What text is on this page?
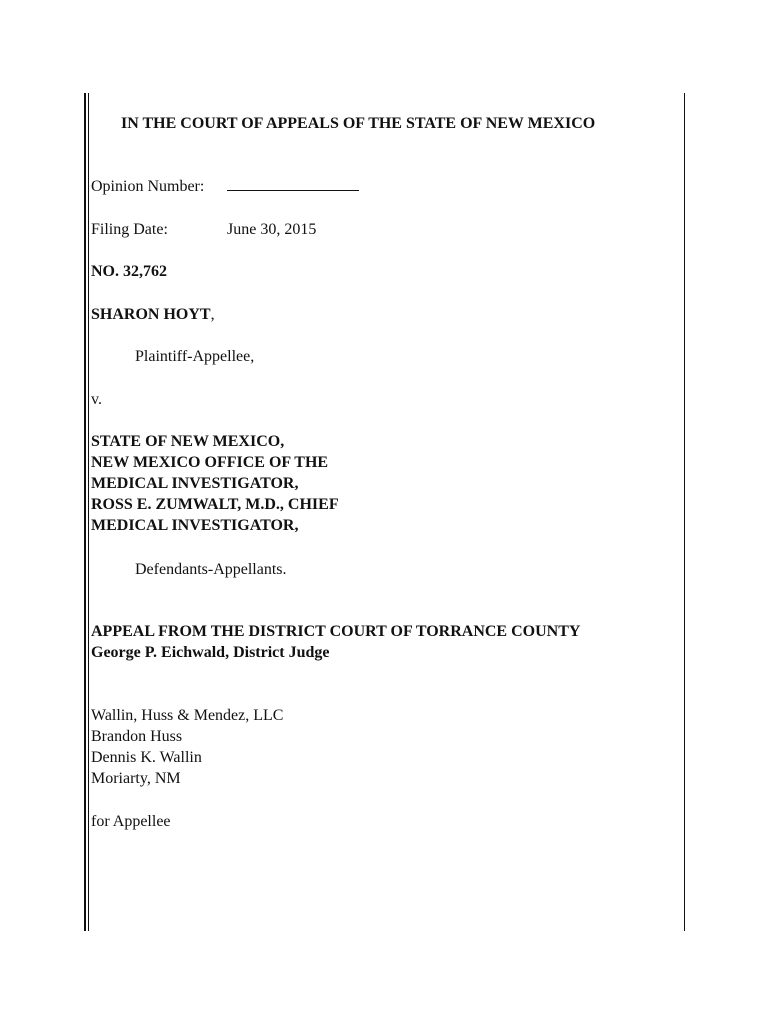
IN THE COURT OF APPEALS OF THE STATE OF NEW MEXICO
Opinion Number:
Filing Date:	June 30, 2015
NO. 32,762
SHARON HOYT,
Plaintiff-Appellee,
v.
STATE OF NEW MEXICO,
NEW MEXICO OFFICE OF THE
MEDICAL INVESTIGATOR,
ROSS E. ZUMWALT, M.D., CHIEF
MEDICAL INVESTIGATOR,
Defendants-Appellants.
APPEAL FROM THE DISTRICT COURT OF TORRANCE COUNTY
George P. Eichwald, District Judge
Wallin, Huss & Mendez, LLC
Brandon Huss
Dennis K. Wallin
Moriarty, NM
for Appellee
